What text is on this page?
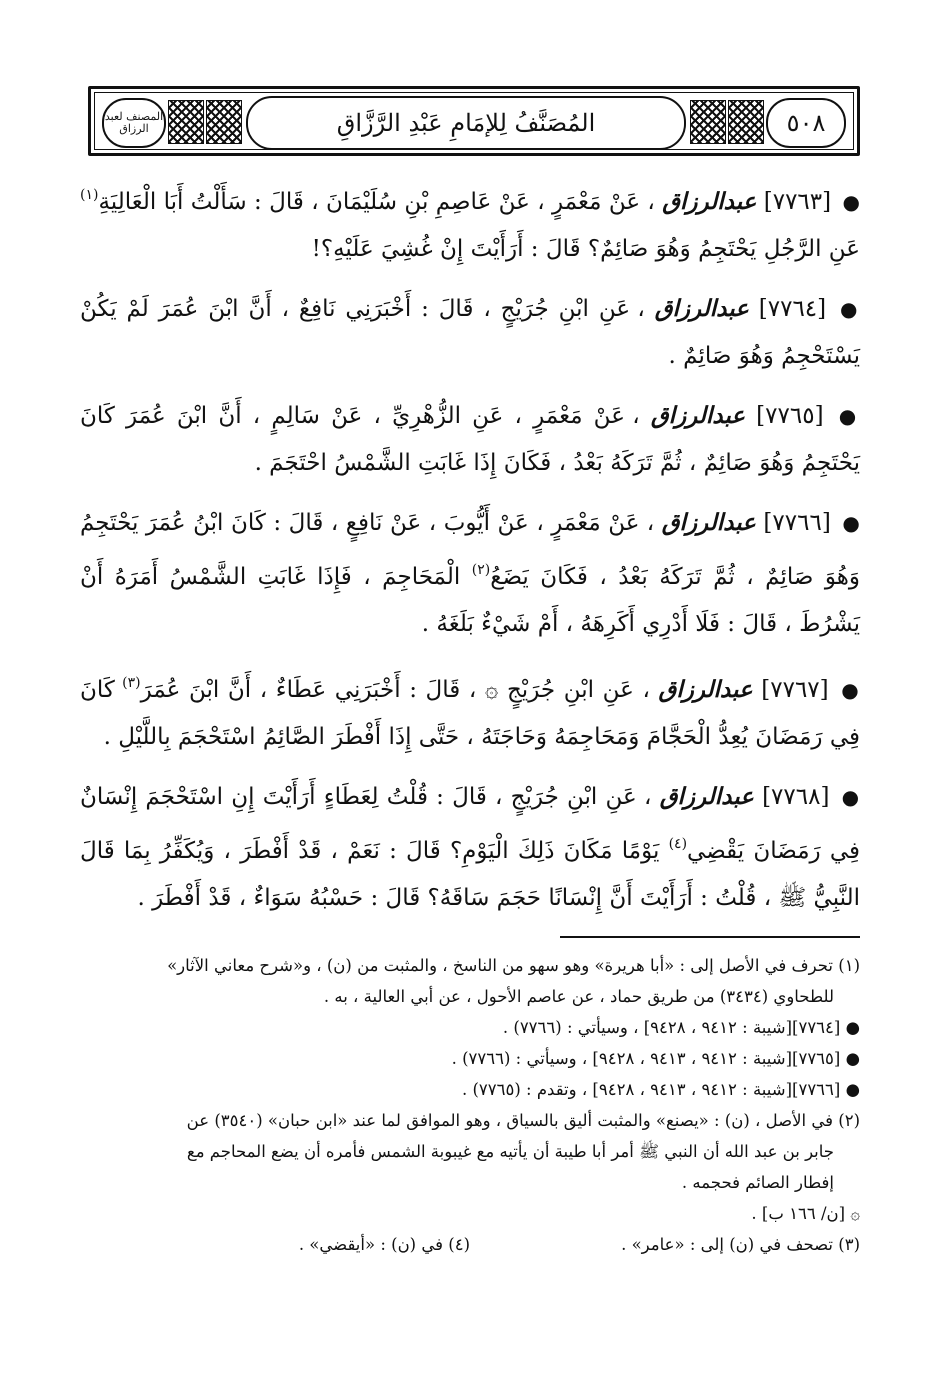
المصنف لعبد الرزاق	المُصَنَّفُ لِلإمَامِ عَبْدِ الرَّزَّاقِ	٥٠٨

● [٧٧٦٣] عبدالرزاق ، عَنْ مَعْمَرٍ ، عَنْ عَاصِمِ بْنِ سُلَيْمَانَ ، قَالَ : سَأَلْتُ أَبَا الْعَالِيَةِ$^{(١)}$ عَنِ الرَّجُلِ يَحْتَجِمُ وَهُوَ صَائِمٌ؟ قَالَ : أَرَأَيْتَ إِنْ غُشِيَ عَلَيْهِ؟!

● [٧٧٦٤] عبدالرزاق ، عَنِ ابْنِ جُرَيْجٍ ، قَالَ : أَخْبَرَنِي نَافِعٌ ، أَنَّ ابْنَ عُمَرَ لَمْ يَكُنْ يَسْتَحْجِمُ وَهُوَ صَائِمٌ .

● [٧٧٦٥] عبدالرزاق ، عَنْ مَعْمَرٍ ، عَنِ الزُّهْرِيِّ ، عَنْ سَالِمٍ ، أَنَّ ابْنَ عُمَرَ كَانَ يَحْتَجِمُ وَهُوَ صَائِمٌ ، ثُمَّ تَرَكَهُ بَعْدُ ، فَكَانَ إِذَا غَابَتِ الشَّمْسُ احْتَجَمَ .

● [٧٧٦٦] عبدالرزاق ، عَنْ مَعْمَرٍ ، عَنْ أَيُّوبَ ، عَنْ نَافِعٍ ، قَالَ : كَانَ ابْنُ عُمَرَ يَحْتَجِمُ وَهُوَ صَائِمٌ ، ثُمَّ تَرَكَهُ بَعْدُ ، فَكَانَ يَضَعُ$^{(٢)}$ الْمَحَاجِمَ ، فَإِذَا غَابَتِ الشَّمْسُ أَمَرَهُ أَنْ يَشْرُطَ ، قَالَ : فَلَا أَدْرِي أَكَرِهَهُ ، أَمْ شَيْءٌ بَلَغَهُ .

● [٧٧٦٧] عبدالرزاق ، عَنِ ابْنِ جُرَيْجٍ ۞ ، قَالَ : أَخْبَرَنِي عَطَاءٌ ، أَنَّ ابْنَ عُمَرَ$^{(٣)}$ كَانَ فِي رَمَضَانَ يُعِدُّ الْحَجَّامَ وَمَحَاجِمَهُ وَحَاجَتَهُ ، حَتَّى إِذَا أَفْطَرَ الصَّائِمُ اسْتَحْجَمَ بِاللَّيْلِ .

● [٧٧٦٨] عبدالرزاق ، عَنِ ابْنِ جُرَيْجٍ ، قَالَ : قُلْتُ لِعَطَاءٍ أَرَأَيْتَ إِنِ اسْتَحْجَمَ إِنْسَانٌ فِي رَمَضَانَ يَقْضِي$^{(٤)}$ يَوْمًا مَكَانَ ذَلِكَ الْيَوْمِ؟ قَالَ : نَعَمْ ، قَدْ أَفْطَرَ ، وَيُكَفِّرُ بِمَا قَالَ النَّبِيُّ ﷺ ، قُلْتُ : أَرَأَيْتَ أَنَّ إِنْسَانًا حَجَمَ سَاقَهُ؟ قَالَ : حَسْبُهُ سَوَاءٌ ، قَدْ أَفْطَرَ .

(١) تحرف في الأصل إلى : «أبا هريرة» وهو سهو من الناسخ ، والمثبت من (ن) ، و«شرح معاني الآثار»

للطحاوي (٣٤٣٤) من طريق حماد ، عن عاصم الأحول ، عن أبي العالية ، به .

● [٧٧٦٤][شيبة : ٩٤١٢ ، ٩٤٢٨] ، وسيأتي : (٧٧٦٦) .

● [٧٧٦٥][شيبة : ٩٤١٢ ، ٩٤١٣ ، ٩٤٢٨] ، وسيأتي : (٧٧٦٦) .

● [٧٧٦٦][شيبة : ٩٤١٢ ، ٩٤١٣ ، ٩٤٢٨] ، وتقدم : (٧٧٦٥) .

(٢) في الأصل ، (ن) : «يصنع» والمثبت أليق بالسياق ، وهو الموافق لما عند «ابن حبان» (٣٥٤٠) عن

جابر بن عبد الله أن النبي ﷺ أمر أبا طيبة أن يأتيه مع غيبوبة الشمس فأمره أن يضع المحاجم مع

إفطار الصائم فحجمه .

۞ [ن/ ١٦٦ ب] .

(٣) تصحف في (ن) إلى : «عامر» .

(٤) في (ن) : «أيقضي» .
